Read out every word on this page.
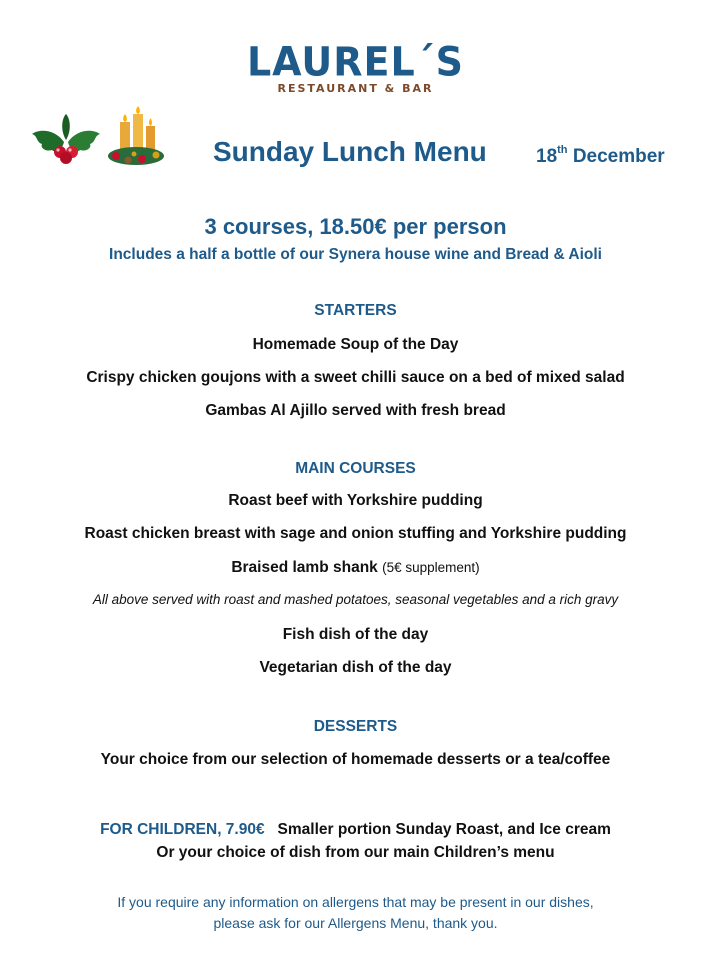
LAUREL´S
RESTAURANT & BAR
Sunday Lunch Menu	18th December
3 courses, 18.50€ per person
Includes a half a bottle of our Synera house wine and Bread & Aioli
STARTERS
Homemade Soup of the Day
Crispy chicken goujons with a sweet chilli sauce on a bed of mixed salad
Gambas Al Ajillo served with fresh bread
MAIN COURSES
Roast beef with Yorkshire pudding
Roast chicken breast with sage and onion stuffing and Yorkshire pudding
Braised lamb shank (5€ supplement)
All above served with roast and mashed potatoes, seasonal vegetables and a rich gravy
Fish dish of the day
Vegetarian dish of the day
DESSERTS
Your choice from our selection of homemade desserts or a tea/coffee
FOR CHILDREN, 7.90€ Smaller portion Sunday Roast, and Ice cream
Or your choice of dish from our main Children’s menu
If you require any information on allergens that may be present in our dishes,
please ask for our Allergens Menu, thank you.
